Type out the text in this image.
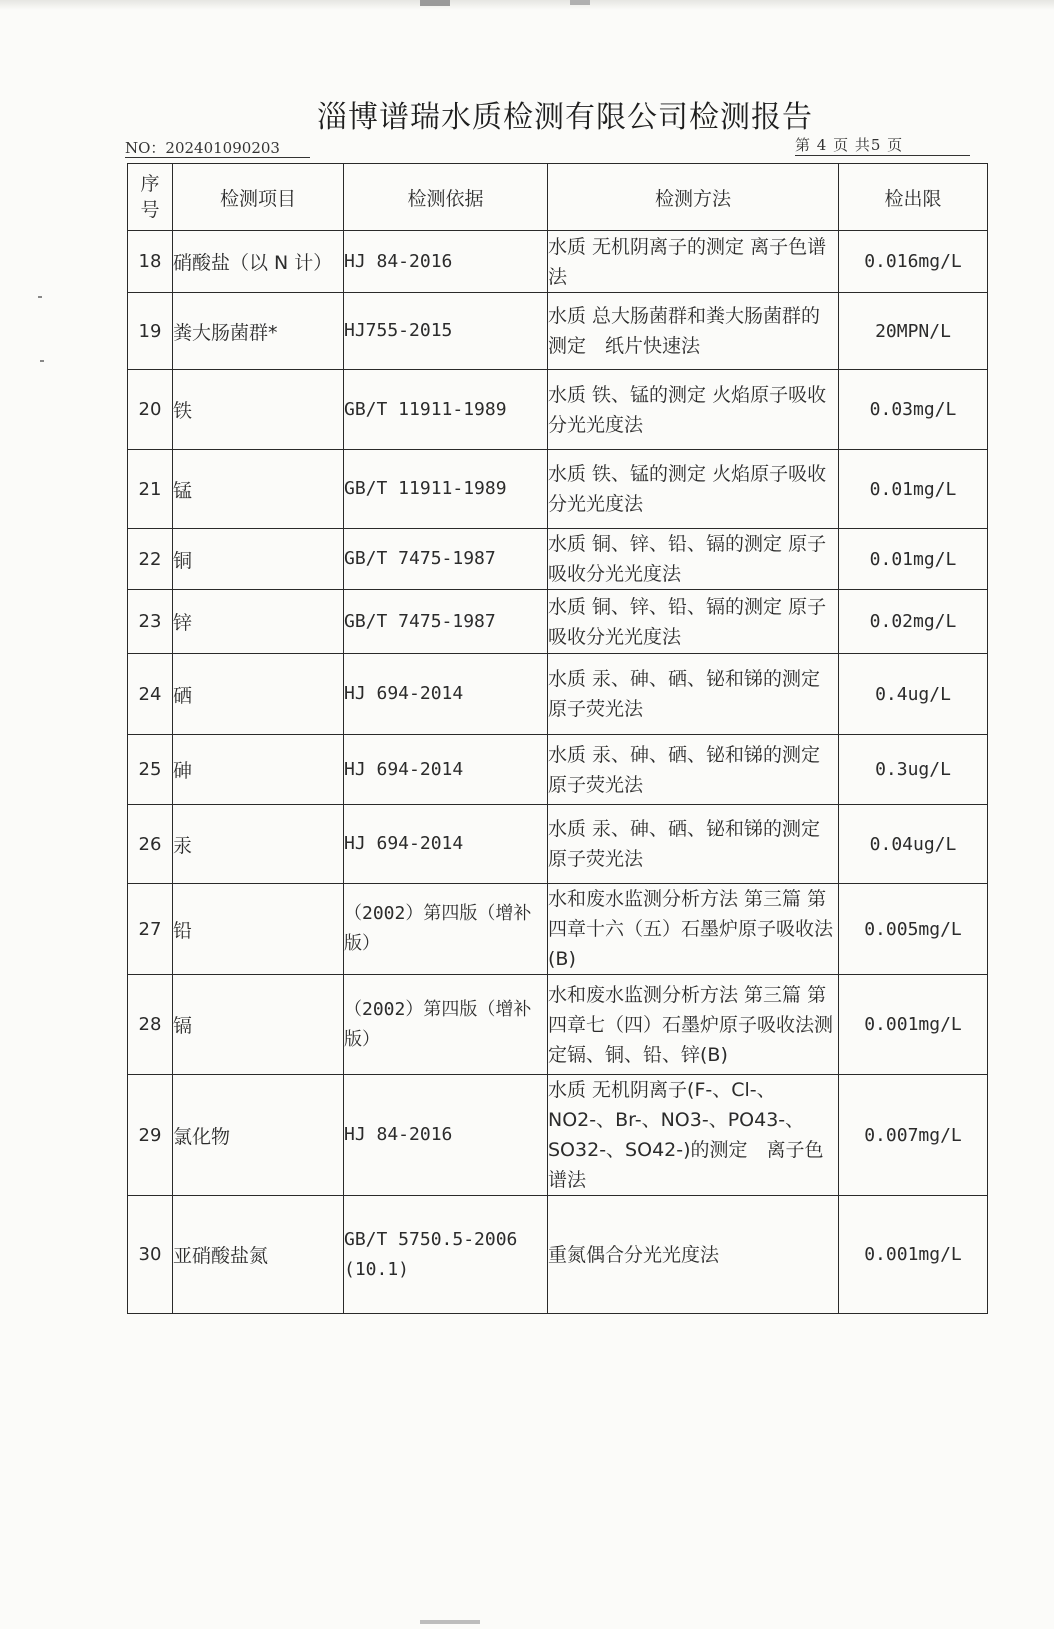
淄博谱瑞水质检测有限公司检测报告
NO：202401090203	第 4 页 共5 页
序号	检测项目	检测依据	检测方法	检出限
18	硝酸盐（以 N 计）	HJ 84-2016	水质 无机阴离子的测定 离子色谱法	0.016mg/L
19	粪大肠菌群*	HJ755-2015	水质 总大肠菌群和粪大肠菌群的测定　纸片快速法	20MPN/L
20	铁	GB/T 11911-1989	水质 铁、锰的测定 火焰原子吸收分光光度法	0.03mg/L
21	锰	GB/T 11911-1989	水质 铁、锰的测定 火焰原子吸收分光光度法	0.01mg/L
22	铜	GB/T 7475-1987	水质 铜、锌、铅、镉的测定 原子吸收分光光度法	0.01mg/L
23	锌	GB/T 7475-1987	水质 铜、锌、铅、镉的测定 原子吸收分光光度法	0.02mg/L
24	硒	HJ 694-2014	水质 汞、砷、硒、铋和锑的测定 原子荧光法	0.4ug/L
25	砷	HJ 694-2014	水质 汞、砷、硒、铋和锑的测定 原子荧光法	0.3ug/L
26	汞	HJ 694-2014	水质 汞、砷、硒、铋和锑的测定 原子荧光法	0.04ug/L
27	铅	（2002）第四版（增补版）	水和废水监测分析方法 第三篇 第四章十六（五）石墨炉原子吸收法(B)	0.005mg/L
28	镉	（2002）第四版（增补版）	水和废水监测分析方法 第三篇 第四章七（四）石墨炉原子吸收法测定镉、铜、铅、锌(B)	0.001mg/L
29	氯化物	HJ 84-2016	水质 无机阴离子(F-、Cl-、NO2-、Br-、NO3-、PO43-、SO32-、SO42-)的测定　离子色谱法	0.007mg/L
30	亚硝酸盐氮	GB/T 5750.5-2006 (10.1)	重氮偶合分光光度法	0.001mg/L
